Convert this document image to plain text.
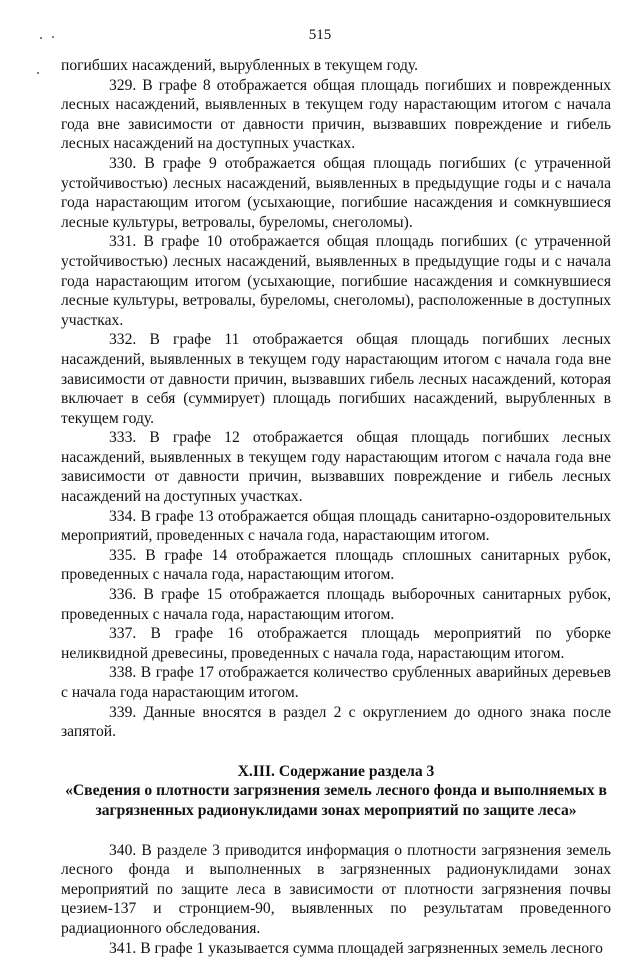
515

погибших насаждений, вырубленных в текущем году.

329. В графе 8 отображается общая площадь погибших и поврежденных лесных насаждений, выявленных в текущем году нарастающим итогом с начала года вне зависимости от давности причин, вызвавших повреждение и гибель лесных насаждений на доступных участках.

330. В графе 9 отображается общая площадь погибших (с утраченной устойчивостью) лесных насаждений, выявленных в предыдущие годы и с начала года нарастающим итогом (усыхающие, погибшие насаждения и сомкнувшиеся лесные культуры, ветровалы, буреломы, снеголомы).

331. В графе 10 отображается общая площадь погибших (с утраченной устойчивостью) лесных насаждений, выявленных в предыдущие годы и с начала года нарастающим итогом (усыхающие, погибшие насаждения и сомкнувшиеся лесные культуры, ветровалы, буреломы, снеголомы), расположенные в доступных участках.

332. В графе 11 отображается общая площадь погибших лесных насаждений, выявленных в текущем году нарастающим итогом с начала года вне зависимости от давности причин, вызвавших гибель лесных насаждений, которая включает в себя (суммирует) площадь погибших насаждений, вырубленных в текущем году.

333. В графе 12 отображается общая площадь погибших лесных насаждений, выявленных в текущем году нарастающим итогом с начала года вне зависимости от давности причин, вызвавших повреждение и гибель лесных насаждений на доступных участках.

334. В графе 13 отображается общая площадь санитарно-оздоровительных мероприятий, проведенных с начала года, нарастающим итогом.

335. В графе 14 отображается площадь сплошных санитарных рубок, проведенных с начала года, нарастающим итогом.

336. В графе 15 отображается площадь выборочных санитарных рубок, проведенных с начала года, нарастающим итогом.

337. В графе 16 отображается площадь мероприятий по уборке неликвидной древесины, проведенных с начала года, нарастающим итогом.

338. В графе 17 отображается количество срубленных аварийных деревьев с начала года нарастающим итогом.

339. Данные вносятся в раздел 2 с округлением до одного знака после запятой.

X.III. Содержание раздела 3
«Сведения о плотности загрязнения земель лесного фонда и выполняемых в загрязненных радионуклидами зонах мероприятий по защите леса»

340. В разделе 3 приводится информация о плотности загрязнения земель лесного фонда и выполненных в загрязненных радионуклидами зонах мероприятий по защите леса в зависимости от плотности загрязнения почвы цезием-137 и стронцием-90, выявленных по результатам проведенного радиационного обследования.

341. В графе 1 указывается сумма площадей загрязненных земель лесного
